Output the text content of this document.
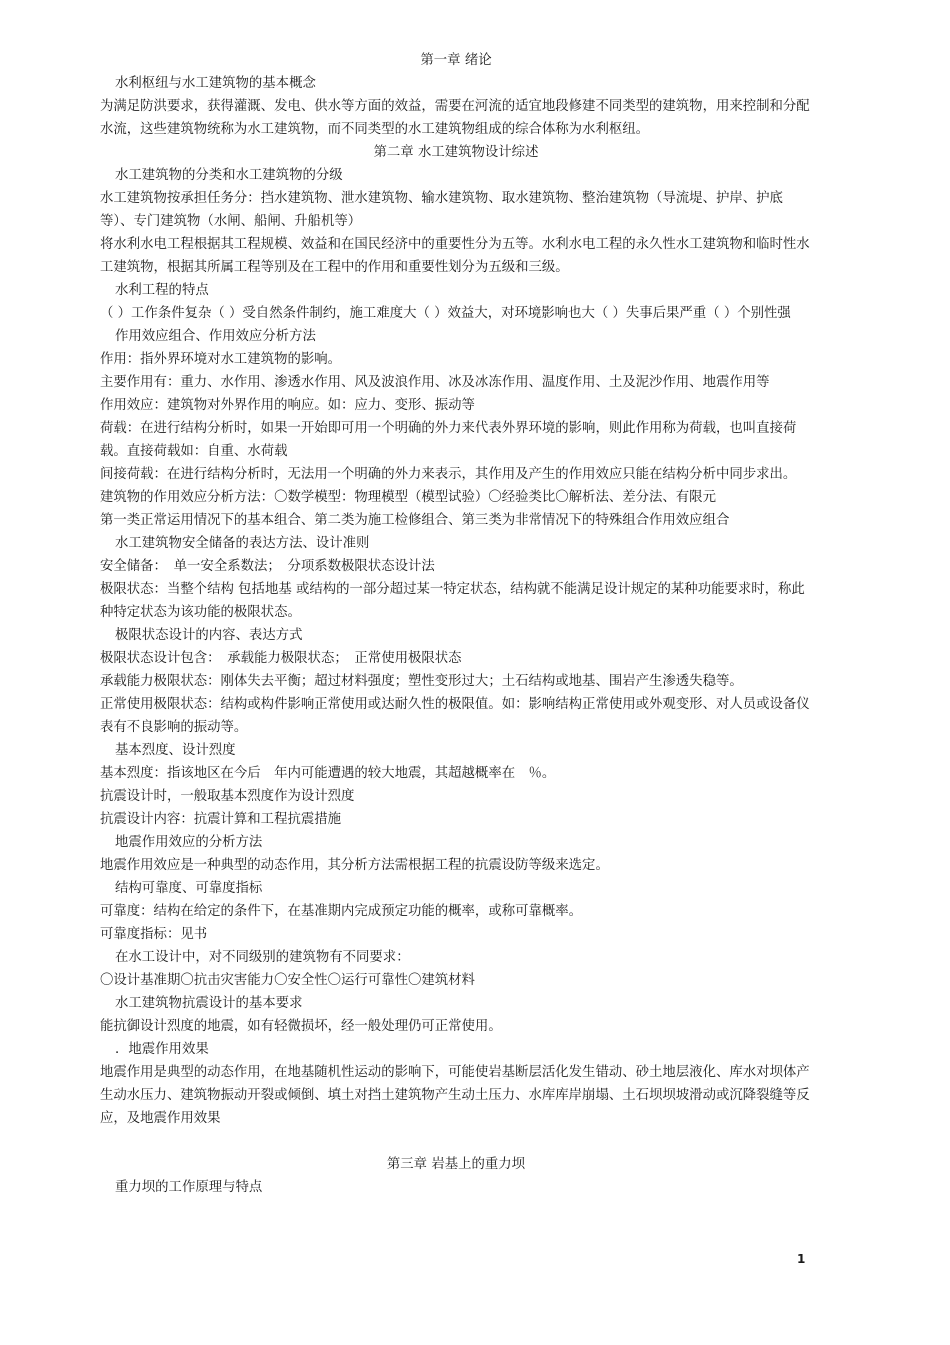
第一章 绪论

水利枢纽与水工建筑物的基本概念

为满足防洪要求，获得灌溉、发电、供水等方面的效益，需要在河流的适宜地段修建不同类型的建筑物，用来控制和分配水流，这些建筑物统称为水工建筑物，而不同类型的水工建筑物组成的综合体称为水利枢纽。

第二章 水工建筑物设计综述

水工建筑物的分类和水工建筑物的分级

水工建筑物按承担任务分：挡水建筑物、泄水建筑物、输水建筑物、取水建筑物、整治建筑物（导流堤、护岸、护底等）、专门建筑物（水闸、船闸、升船机等）

将水利水电工程根据其工程规模、效益和在国民经济中的重要性分为五等。水利水电工程的永久性水工建筑物和临时性水工建筑物，根据其所属工程等别及在工程中的作用和重要性划分为五级和三级。

水利工程的特点

（ ）工作条件复杂（ ）受自然条件制约，施工难度大（ ）效益大，对环境影响也大（ ）失事后果严重（ ）个别性强

作用效应组合、作用效应分析方法

作用：指外界环境对水工建筑物的影响。

主要作用有：重力、水作用、渗透水作用、风及波浪作用、冰及冰冻作用、温度作用、土及泥沙作用、地震作用等

作用效应：建筑物对外界作用的响应。如：应力、变形、振动等

荷载：在进行结构分析时，如果一开始即可用一个明确的外力来代表外界环境的影响，则此作用称为荷载，也叫直接荷载。直接荷载如：自重、水荷载

间接荷载：在进行结构分析时，无法用一个明确的外力来表示，其作用及产生的作用效应只能在结构分析中同步求出。

建筑物的作用效应分析方法：〇数学模型：物理模型（模型试验）〇经验类比〇解析法、差分法、有限元

第一类正常运用情况下的基本组合、第二类为施工检修组合、第三类为非常情况下的特殊组合作用效应组合

水工建筑物安全储备的表达方法、设计准则

安全储备：　单一安全系数法；　分项系数极限状态设计法

极限状态：当整个结构 包括地基 或结构的一部分超过某一特定状态，结构就不能满足设计规定的某种功能要求时，称此种特定状态为该功能的极限状态。

极限状态设计的内容、表达方式

极限状态设计包含：　承载能力极限状态；　正常使用极限状态

承载能力极限状态：刚体失去平衡；超过材料强度；塑性变形过大；土石结构或地基、围岩产生渗透失稳等。

正常使用极限状态：结构或构件影响正常使用或达耐久性的极限值。如：影响结构正常使用或外观变形、对人员或设备仪表有不良影响的振动等。

基本烈度、设计烈度

基本烈度：指该地区在今后　年内可能遭遇的较大地震，其超越概率在　％。

抗震设计时，一般取基本烈度作为设计烈度

抗震设计内容：抗震计算和工程抗震措施

地震作用效应的分析方法

地震作用效应是一种典型的动态作用，其分析方法需根据工程的抗震设防等级来选定。

结构可靠度、可靠度指标

可靠度：结构在给定的条件下，在基准期内完成预定功能的概率，或称可靠概率。

可靠度指标：见书

在水工设计中，对不同级别的建筑物有不同要求：

〇设计基准期〇抗击灾害能力〇安全性〇运行可靠性〇建筑材料

水工建筑物抗震设计的基本要求

能抗御设计烈度的地震，如有轻微损坏，经一般处理仍可正常使用。

．地震作用效果

地震作用是典型的动态作用，在地基随机性运动的影响下，可能使岩基断层活化发生错动、砂土地层液化、库水对坝体产生动水压力、建筑物振动开裂或倾倒、填土对挡土建筑物产生动土压力、水库库岸崩塌、土石坝坝坡滑动或沉降裂缝等反应，及地震作用效果

第三章 岩基上的重力坝

重力坝的工作原理与特点

1
